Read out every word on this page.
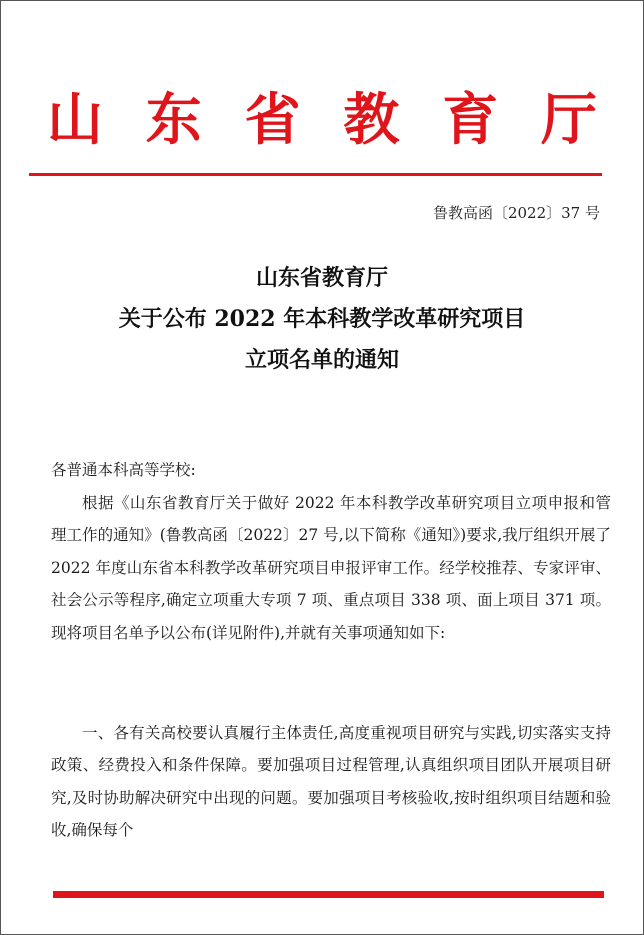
山 东 省 教 育 厅
鲁教高函〔2022〕37 号
山东省教育厅
关于公布 2022 年本科教学改革研究项目
立项名单的通知
各普通本科高等学校:

根据《山东省教育厅关于做好 2022 年本科教学改革研究项目立项申报和管理工作的通知》(鲁教高函〔2022〕27 号,以下简称《通知》)要求,我厅组织开展了 2022 年度山东省本科教学改革研究项目申报评审工作。经学校推荐、专家评审、社会公示等程序,确定立项重大专项 7 项、重点项目 338 项、面上项目 371 项。现将项目名单予以公布(详见附件),并就有关事项通知如下:

一、各有关高校要认真履行主体责任,高度重视项目研究与实践,切实落实支持政策、经费投入和条件保障。要加强项目过程管理,认真组织项目团队开展项目研究,及时协助解决研究中出现的问题。要加强项目考核验收,按时组织项目结题和验收,确保每个
